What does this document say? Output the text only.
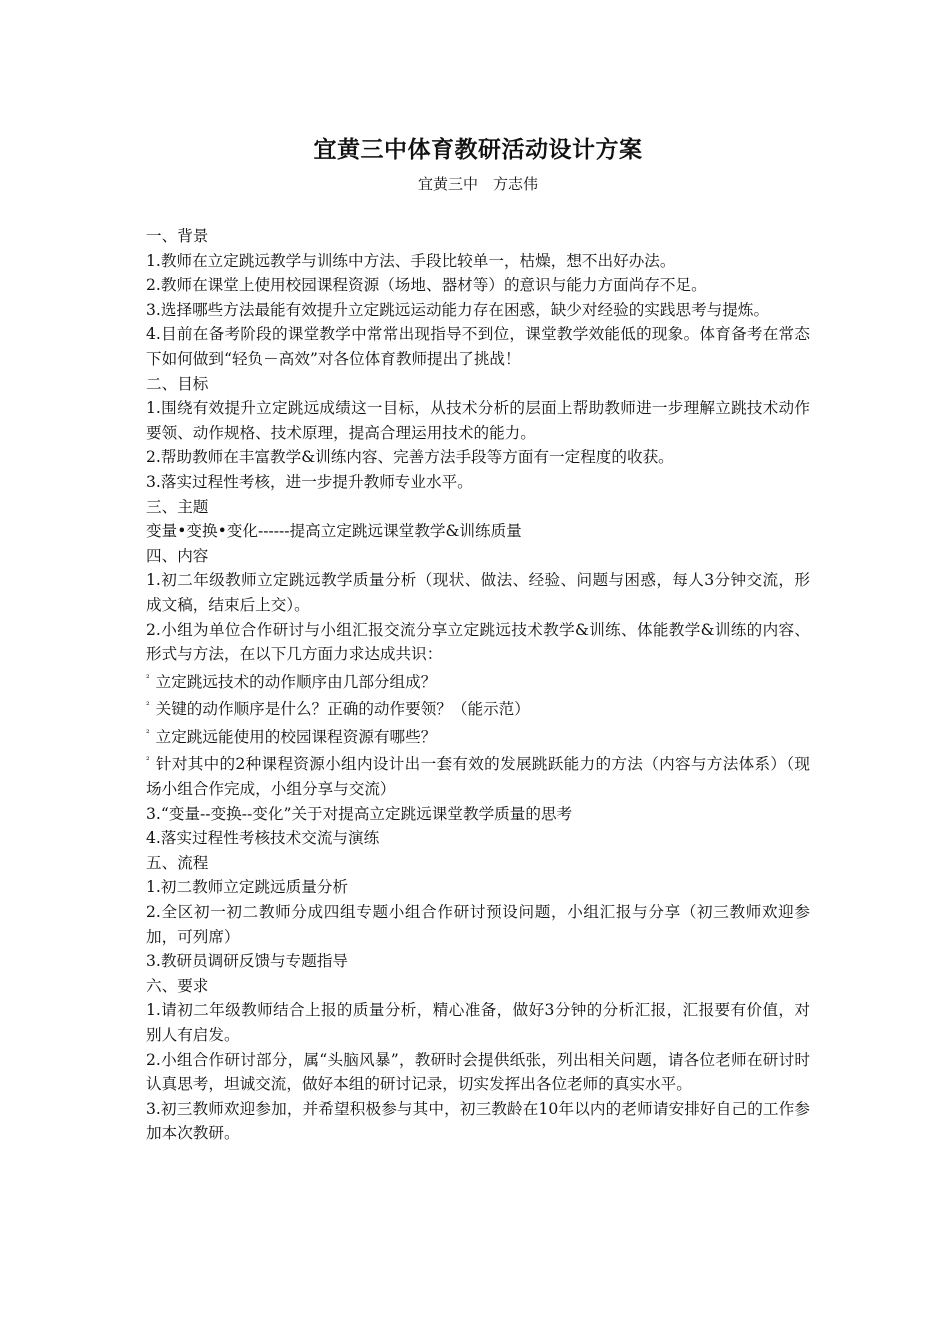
宜黄三中体育教研活动设计方案
宜黄三中　方志伟

一、背景

1.教师在立定跳远教学与训练中方法、手段比较单一，枯燥，想不出好办法。

2.教师在课堂上使用校园课程资源（场地、器材等）的意识与能力方面尚存不足。

3.选择哪些方法最能有效提升立定跳远运动能力存在困惑，缺少对经验的实践思考与提炼。

4.目前在备考阶段的课堂教学中常常出现指导不到位，课堂教学效能低的现象。体育备考在常态下如何做到“轻负－高效”对各位体育教师提出了挑战！

二、目标

1.围绕有效提升立定跳远成绩这一目标，从技术分析的层面上帮助教师进一步理解立跳技术动作要领、动作规格、技术原理，提高合理运用技术的能力。

2.帮助教师在丰富教学&训练内容、完善方法手段等方面有一定程度的收获。

3.落实过程性考核，进一步提升教师专业水平。

三、主题

变量•变换•变化------提高立定跳远课堂教学&训练质量

四、内容

1.初二年级教师立定跳远教学质量分析（现状、做法、经验、问题与困惑，每人3分钟交流，形成文稿，结束后上交）。

2.小组为单位合作研讨与小组汇报交流分享立定跳远技术教学&训练、体能教学&训练的内容、形式与方法，在以下几方面力求达成共识：

$^{^2}$ 立定跳远技术的动作顺序由几部分组成？

$^{^2}$ 关键的动作顺序是什么？正确的动作要领？（能示范）

$^{^2}$ 立定跳远能使用的校园课程资源有哪些？

$^{^2}$ 针对其中的2种课程资源小组内设计出一套有效的发展跳跃能力的方法（内容与方法体系）（现场小组合作完成，小组分享与交流）

3.“变量--变换--变化”关于对提高立定跳远课堂教学质量的思考

4.落实过程性考核技术交流与演练

五、流程

1.初二教师立定跳远质量分析

2.全区初一初二教师分成四组专题小组合作研讨预设问题，小组汇报与分享（初三教师欢迎参加，可列席）

3.教研员调研反馈与专题指导

六、要求

1.请初二年级教师结合上报的质量分析，精心准备，做好3分钟的分析汇报，汇报要有价值，对别人有启发。

2.小组合作研讨部分，属“头脑风暴”，教研时会提供纸张，列出相关问题，请各位老师在研讨时认真思考，坦诚交流，做好本组的研讨记录，切实发挥出各位老师的真实水平。

3.初三教师欢迎参加，并希望积极参与其中，初三教龄在10年以内的老师请安排好自己的工作参加本次教研。
